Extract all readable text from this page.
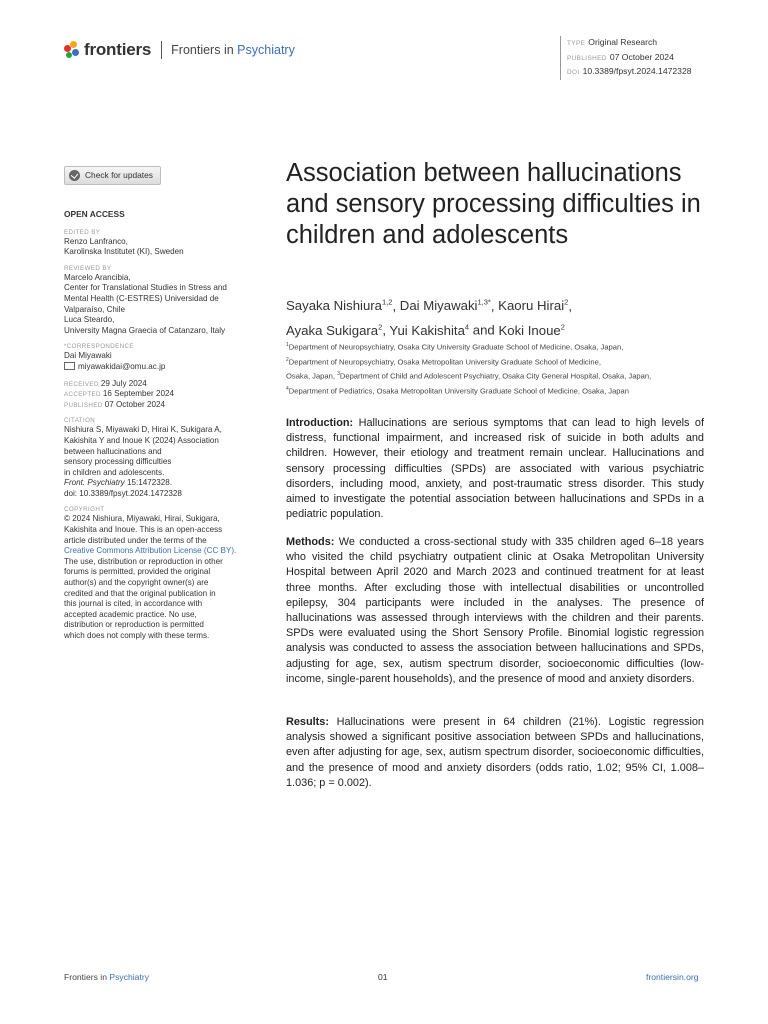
frontiers Frontiers in Psychiatry	TYPE Original Research
PUBLISHED 07 October 2024
DOI 10.3389/fpsyt.2024.1472328
Check for updates
OPEN ACCESS
EDITED BY
Renzo Lanfranco,
Karolinska Institutet (KI), Sweden
REVIEWED BY
Marcelo Arancibia,
Center for Translational Studies in Stress and
Mental Health (C-ESTRES) Universidad de
Valparaíso, Chile
Luca Steardo,
University Magna Graecia of Catanzaro, Italy
*CORRESPONDENCE
Dai Miyawaki
miyawakidai@omu.ac.jp
RECEIVED 29 July 2024
ACCEPTED 16 September 2024
PUBLISHED 07 October 2024
CITATION
Nishiura S, Miyawaki D, Hirai K, Sukigara A,
Kakishita Y and Inoue K (2024) Association
between hallucinations and
sensory processing difficulties
in children and adolescents.
Front. Psychiatry 15:1472328.
doi: 10.3389/fpsyt.2024.1472328
COPYRIGHT
© 2024 Nishiura, Miyawaki, Hirai, Sukigara,
Kakishita and Inoue. This is an open-access
article distributed under the terms of the
Creative Commons Attribution License (CC BY).
The use, distribution or reproduction in other
forums is permitted, provided the original
author(s) and the copyright owner(s) are
credited and that the original publication in
this journal is cited, in accordance with
accepted academic practice. No use,
distribution or reproduction is permitted
which does not comply with these terms.
Association between hallucinations and sensory processing difficulties in children and adolescents
Sayaka Nishiura$^{1,2}$, Dai Miyawaki$^{1,3*}$, Kaoru Hirai$^2$,
Ayaka Sukigara$^2$, Yui Kakishita$^4$ and Koki Inoue$^2$
$^1$Department of Neuropsychiatry, Osaka City University Graduate School of Medicine, Osaka, Japan,
$^2$Department of Neuropsychiatry, Osaka Metropolitan University Graduate School of Medicine,
Osaka, Japan, $^3$Department of Child and Adolescent Psychiatry, Osaka City General Hospital, Osaka, Japan,
$^4$Department of Pediatrics, Osaka Metropolitan University Graduate School of Medicine, Osaka, Japan

Introduction: Hallucinations are serious symptoms that can lead to high levels of distress, functional impairment, and increased risk of suicide in both adults and children. However, their etiology and treatment remain unclear. Hallucinations and sensory processing difficulties (SPDs) are associated with various psychiatric disorders, including mood, anxiety, and post-traumatic stress disorder. This study aimed to investigate the potential association between hallucinations and SPDs in a pediatric population.

Methods: We conducted a cross-sectional study with 335 children aged 6–18 years who visited the child psychiatry outpatient clinic at Osaka Metropolitan University Hospital between April 2020 and March 2023 and continued treatment for at least three months. After excluding those with intellectual disabilities or uncontrolled epilepsy, 304 participants were included in the analyses. The presence of hallucinations was assessed through interviews with the children and their parents. SPDs were evaluated using the Short Sensory Profile. Binomial logistic regression analysis was conducted to assess the association between hallucinations and SPDs, adjusting for age, sex, autism spectrum disorder, socioeconomic difficulties (low-income, single-parent households), and the presence of mood and anxiety disorders.

Results: Hallucinations were present in 64 children (21%). Logistic regression analysis showed a significant positive association between SPDs and hallucinations, even after adjusting for age, sex, autism spectrum disorder, socioeconomic difficulties, and the presence of mood and anxiety disorders (odds ratio, 1.02; 95% CI, 1.008–1.036; p = 0.002).

Frontiers in Psychiatry	01	frontiersin.org
